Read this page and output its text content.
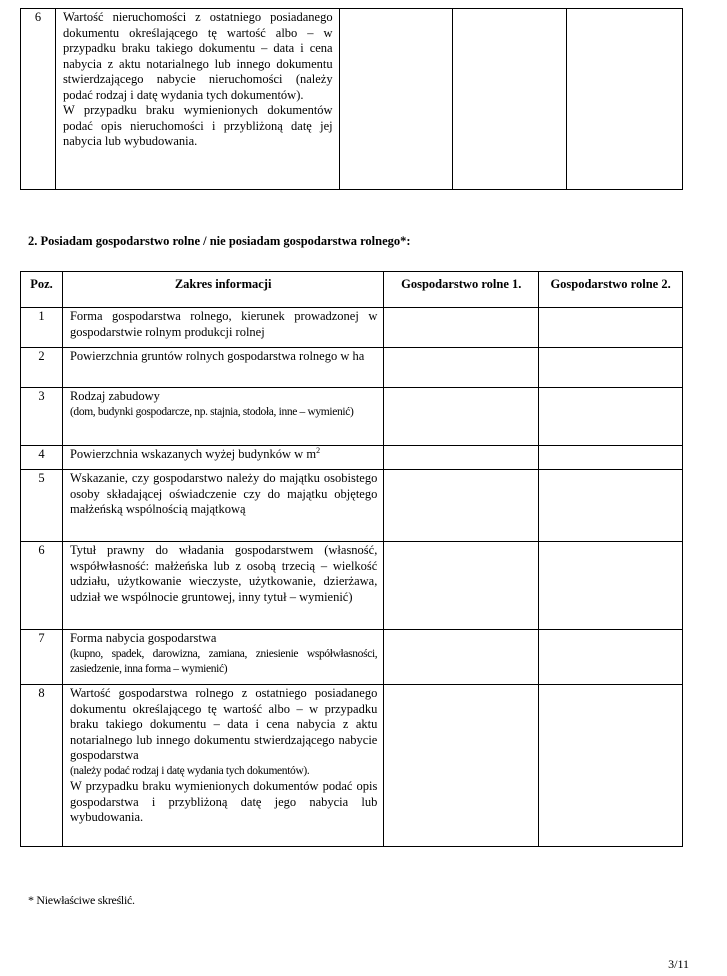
6	Wartość nieruchomości z ostatniego posiadanego dokumentu określającego tę wartość albo – w przypadku braku takiego dokumentu – data i cena nabycia z aktu notarialnego lub innego dokumentu stwierdzającego nabycie nieruchomości (należy podać rodzaj i datę wydania tych dokumentów).
W przypadku braku wymienionych dokumentów podać opis nieruchomości i przybliżoną datę jej nabycia lub wybudowania.

2. Posiadam gospodarstwo rolne / nie posiadam gospodarstwa rolnego*:

Poz.	Zakres informacji	Gospodarstwo rolne 1.	Gospodarstwo rolne 2.
1	Forma gospodarstwa rolnego, kierunek prowadzonej w gospodarstwie rolnym produkcji rolnej		

2	Powierzchnia gruntów rolnych gospodarstwa rolnego w ha		

3	Rodzaj zabudowy
(dom, budynki gospodarcze, np. stajnia, stodoła, inne – wymienić)		

4	Powierzchnia wskazanych wyżej budynków w $m^2$		
5	Wskazanie, czy gospodarstwo należy do majątku osobistego osoby składającej oświadczenie czy do majątku objętego małżeńską wspólnością majątkową		

6	Tytuł prawny do władania gospodarstwem (własność, współwłasność: małżeńska lub z osobą trzecią – wielkość udziału, użytkowanie wieczyste, użytkowanie, dzierżawa, udział we wspólnocie gruntowej, inny tytuł – wymienić)		

7	Forma nabycia gospodarstwa
(kupno, spadek, darowizna, zamiana, zniesienie współwłasności, zasiedzenie, inna forma – wymienić)		

8	Wartość gospodarstwa rolnego z ostatniego posiadanego dokumentu określającego tę wartość albo – w przypadku braku takiego dokumentu – data i cena nabycia z aktu notarialnego lub innego dokumentu stwierdzającego nabycie gospodarstwa
(należy podać rodzaj i datę wydania tych dokumentów).
W przypadku braku wymienionych dokumentów podać opis gospodarstwa i przybliżoną datę jego nabycia lub wybudowania.		

* Niewłaściwe skreślić.
3/11
